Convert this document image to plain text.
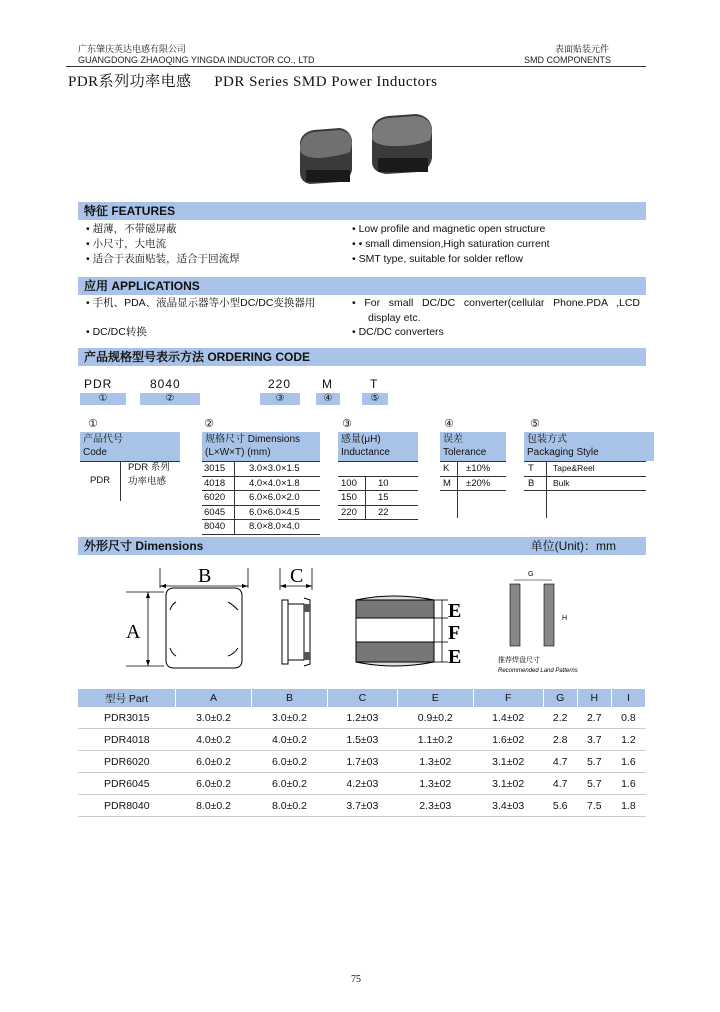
广东肇庆英达电感有限公司
GUANGDONG ZHAOQING YINGDA INDUCTOR CO., LTD
表面贴装元件
SMD COMPONENTS
PDR系列功率电感 PDR Series SMD Power Inductors
特征 FEATURES
• 超薄，不带磁屏蔽
• 小尺寸，大电流
• 适合于表面贴装，适合于回流焊
• Low profile and magnetic open structure
• • small dimension,High saturation current
• SMT type, suitable for solder reflow
应用 APPLICATIONS
• 手机、PDA、液晶显示器等小型DC/DC变换器用
• DC/DC转换
• For small DC/DC converter(cellular Phone.PDA ,LCD
display etc.
• DC/DC converters
产品规格型号表示方法 ORDERING CODE
PDR	8040	220	M	T
①	②	③	④	⑤
①	②	③	④	⑤
产品代号
Code
PDR
PDR 系列
功率电感
规格尺寸 Dimensions
(L×W×T) (mm)
3015	3.0×3.0×1.5
4018	4.0×4.0×1.8
6020	6.0×6.0×2.0
6045	6.0×6.0×4.5
8040	8.0×8.0×4.0
感量(μH)
Inductance
100	10
150	15
220	22
误差
Tolerance
K	±10%
M	±20%
包装方式
Packaging Style
T	Tape&Reel
B	Bulk
外形尺寸 Dimensions	单位(Unit)：mm
B
A
C
E
F
E
G
H
推荐焊盘尺寸
Recommended Land Patterns
型号 Part	A	B	C	E	F	G	H	I
PDR3015	3.0±0.2	3.0±0.2	1.2±03	0.9±0.2	1.4±02	2.2	2.7	0.8
PDR4018	4.0±0.2	4.0±0.2	1.5±03	1.1±0.2	1.6±02	2.8	3.7	1.2
PDR6020	6.0±0.2	6.0±0.2	1.7±03	1.3±02	3.1±02	4.7	5.7	1.6
PDR6045	6.0±0.2	6.0±0.2	4.2±03	1.3±02	3.1±02	4.7	5.7	1.6
PDR8040	8.0±0.2	8.0±0.2	3.7±03	2.3±03	3.4±03	5.6	7.5	1.8
75
